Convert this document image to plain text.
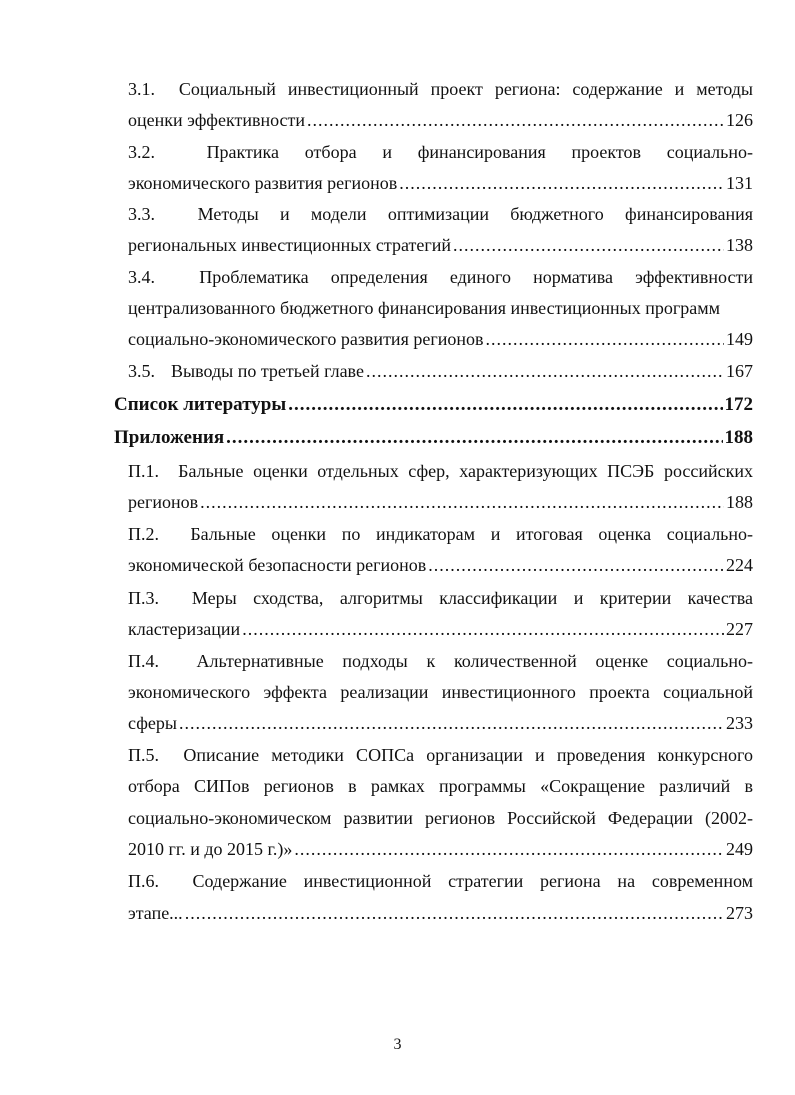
3.1. Социальный инвестиционный проект региона: содержание и методы
оценки эффективности .....	126
3.2.	Практика отбора и финансирования проектов социально-
экономического развития регионов .....	131
3.3. Методы и модели оптимизации бюджетного финансирования
региональных инвестиционных стратегий .....	138
3.4. Проблематика определения единого норматива эффективности
централизованного бюджетного финансирования инвестиционных программ
социально-экономического развития регионов .....	149
3.5. Выводы по третьей главе .....	167
Список литературы .....	172
Приложения .....	188
П.1. Бальные оценки отдельных сфер, характеризующих ПСЭБ российских
регионов .....	188
П.2. Бальные оценки по индикаторам и итоговая оценка социально-
экономической безопасности регионов .....	224
П.3. Меры сходства, алгоритмы классификации и критерии качества
кластеризации .....	227
П.4. Альтернативные подходы к количественной оценке социально-
экономического эффекта реализации инвестиционного проекта социальной
сферы .....	233
П.5. Описание методики СОПСа организации и проведения конкурсного
отбора СИПов регионов в рамках программы «Сокращение различий в
социально-экономическом развитии регионов Российской Федерации (2002-
2010 гг. и до 2015 г.)» .....	249
П.6. Содержание инвестиционной стратегии региона на современном
этапе... .....	273
3
